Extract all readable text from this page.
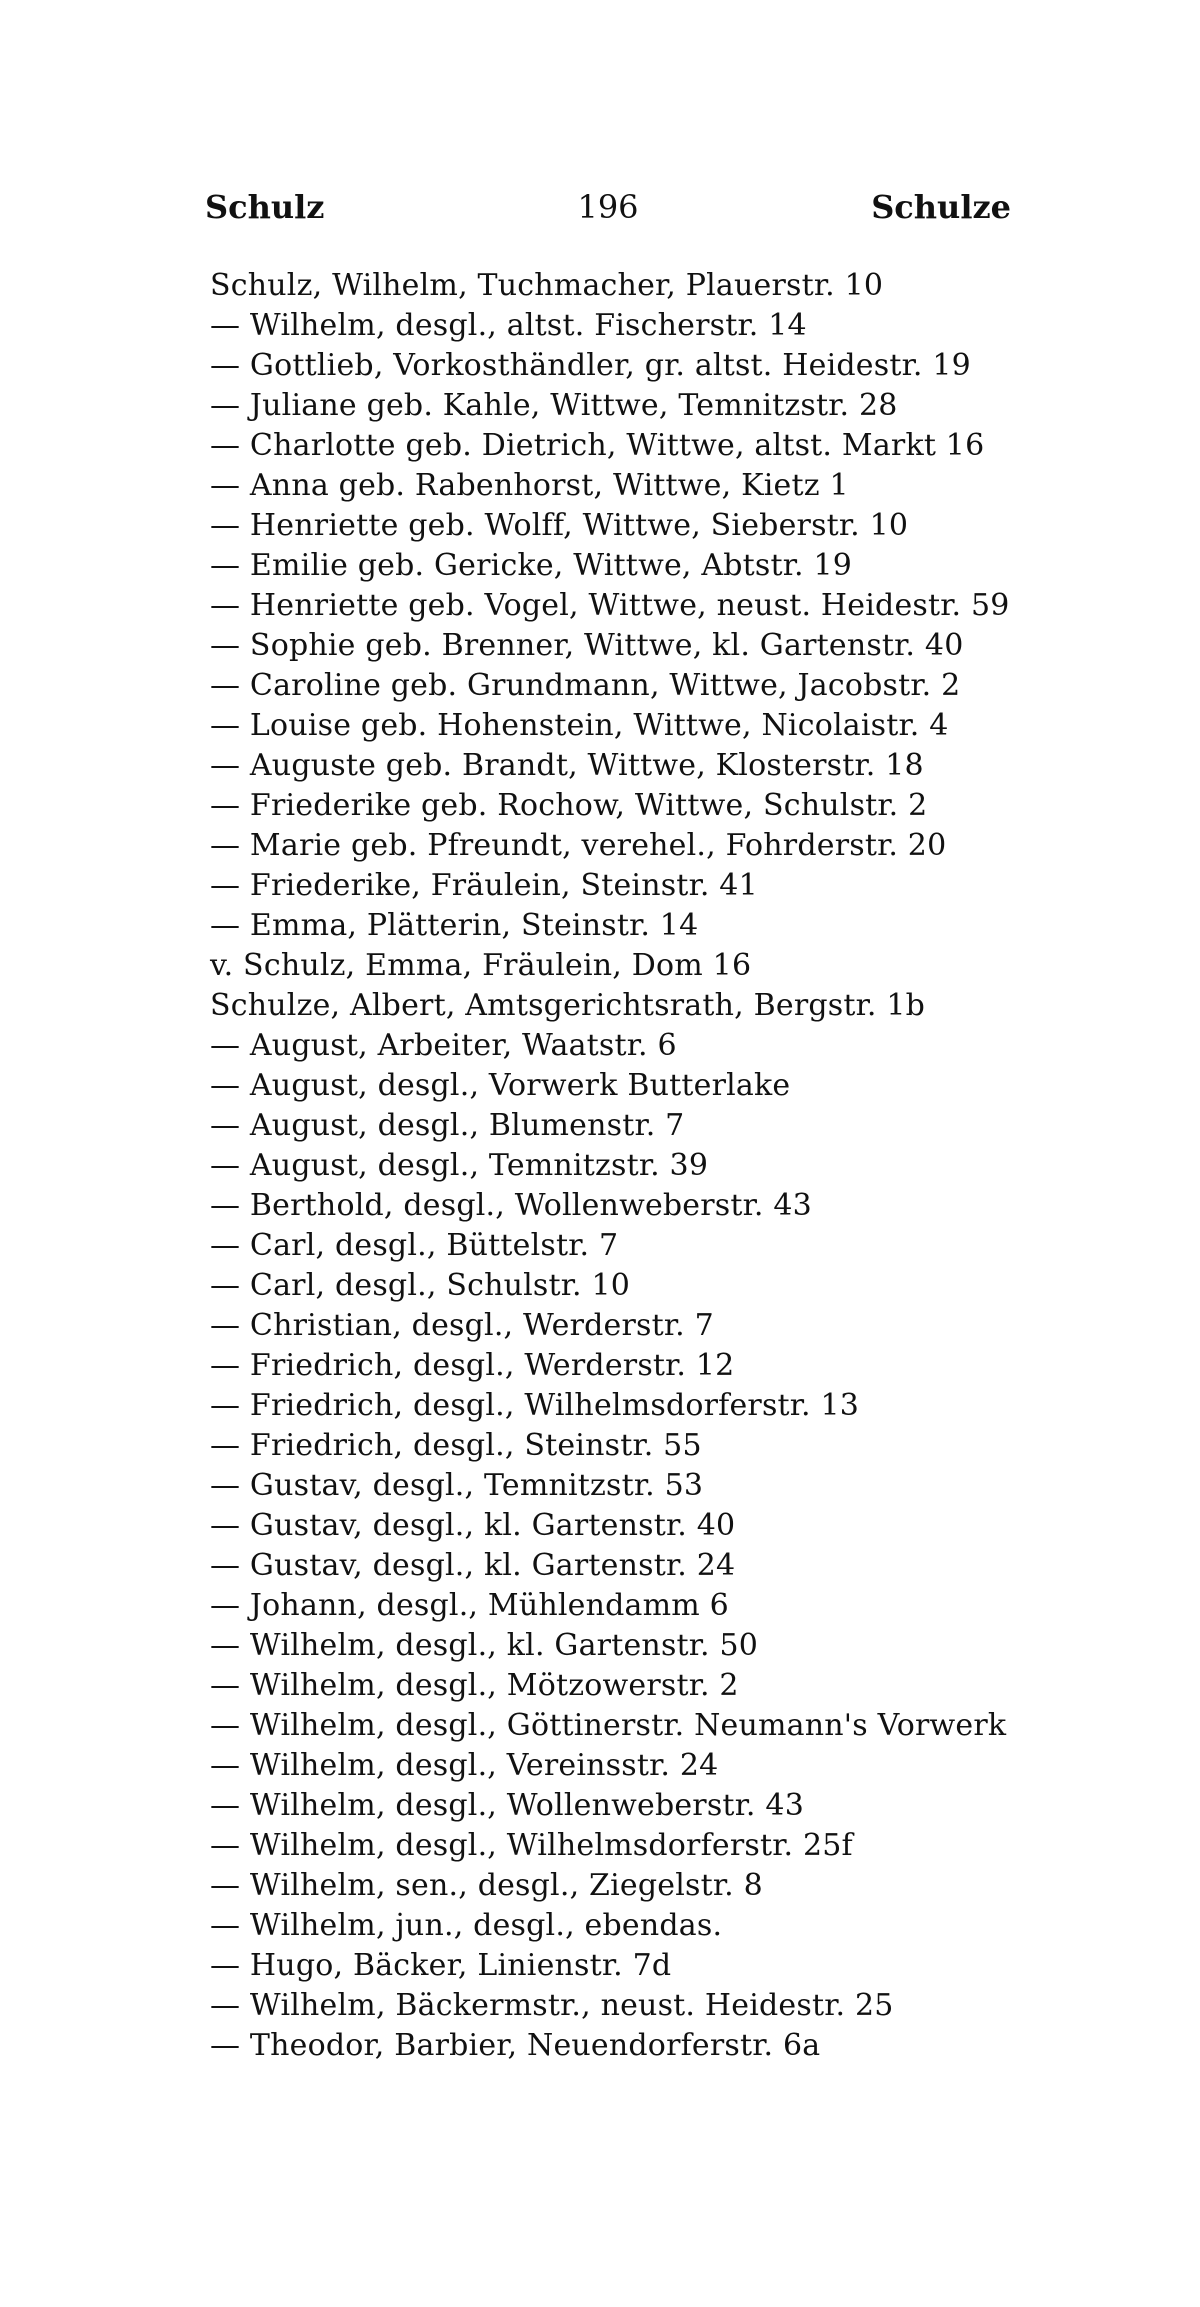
Schulz	196	Schulze
Schulz, Wilhelm, Tuchmacher, Plauerstr. 10
— Wilhelm, desgl., altst. Fischerstr. 14
— Gottlieb, Vorkosthändler, gr. altst. Heidestr. 19
— Juliane geb. Kahle, Wittwe, Temnitzstr. 28
— Charlotte geb. Dietrich, Wittwe, altst. Markt 16
— Anna geb. Rabenhorst, Wittwe, Kietz 1
— Henriette geb. Wolff, Wittwe, Sieberstr. 10
— Emilie geb. Gericke, Wittwe, Abtstr. 19
— Henriette geb. Vogel, Wittwe, neust. Heidestr. 59
— Sophie geb. Brenner, Wittwe, kl. Gartenstr. 40
— Caroline geb. Grundmann, Wittwe, Jacobstr. 2
— Louise geb. Hohenstein, Wittwe, Nicolaistr. 4
— Auguste geb. Brandt, Wittwe, Klosterstr. 18
— Friederike geb. Rochow, Wittwe, Schulstr. 2
— Marie geb. Pfreundt, verehel., Fohrderstr. 20
— Friederike, Fräulein, Steinstr. 41
— Emma, Plätterin, Steinstr. 14
v. Schulz, Emma, Fräulein, Dom 16
Schulze, Albert, Amtsgerichtsrath, Bergstr. 1b
— August, Arbeiter, Waatstr. 6
— August, desgl., Vorwerk Butterlake
— August, desgl., Blumenstr. 7
— August, desgl., Temnitzstr. 39
— Berthold, desgl., Wollenweberstr. 43
— Carl, desgl., Büttelstr. 7
— Carl, desgl., Schulstr. 10
— Christian, desgl., Werderstr. 7
— Friedrich, desgl., Werderstr. 12
— Friedrich, desgl., Wilhelmsdorferstr. 13
— Friedrich, desgl., Steinstr. 55
— Gustav, desgl., Temnitzstr. 53
— Gustav, desgl., kl. Gartenstr. 40
— Gustav, desgl., kl. Gartenstr. 24
— Johann, desgl., Mühlendamm 6
— Wilhelm, desgl., kl. Gartenstr. 50
— Wilhelm, desgl., Mötzowerstr. 2
— Wilhelm, desgl., Göttinerstr. Neumann's Vorwerk
— Wilhelm, desgl., Vereinsstr. 24
— Wilhelm, desgl., Wollenweberstr. 43
— Wilhelm, desgl., Wilhelmsdorferstr. 25f
— Wilhelm, sen., desgl., Ziegelstr. 8
— Wilhelm, jun., desgl., ebendas.
— Hugo, Bäcker, Linienstr. 7d
— Wilhelm, Bäckermstr., neust. Heidestr. 25
— Theodor, Barbier, Neuendorferstr. 6a
